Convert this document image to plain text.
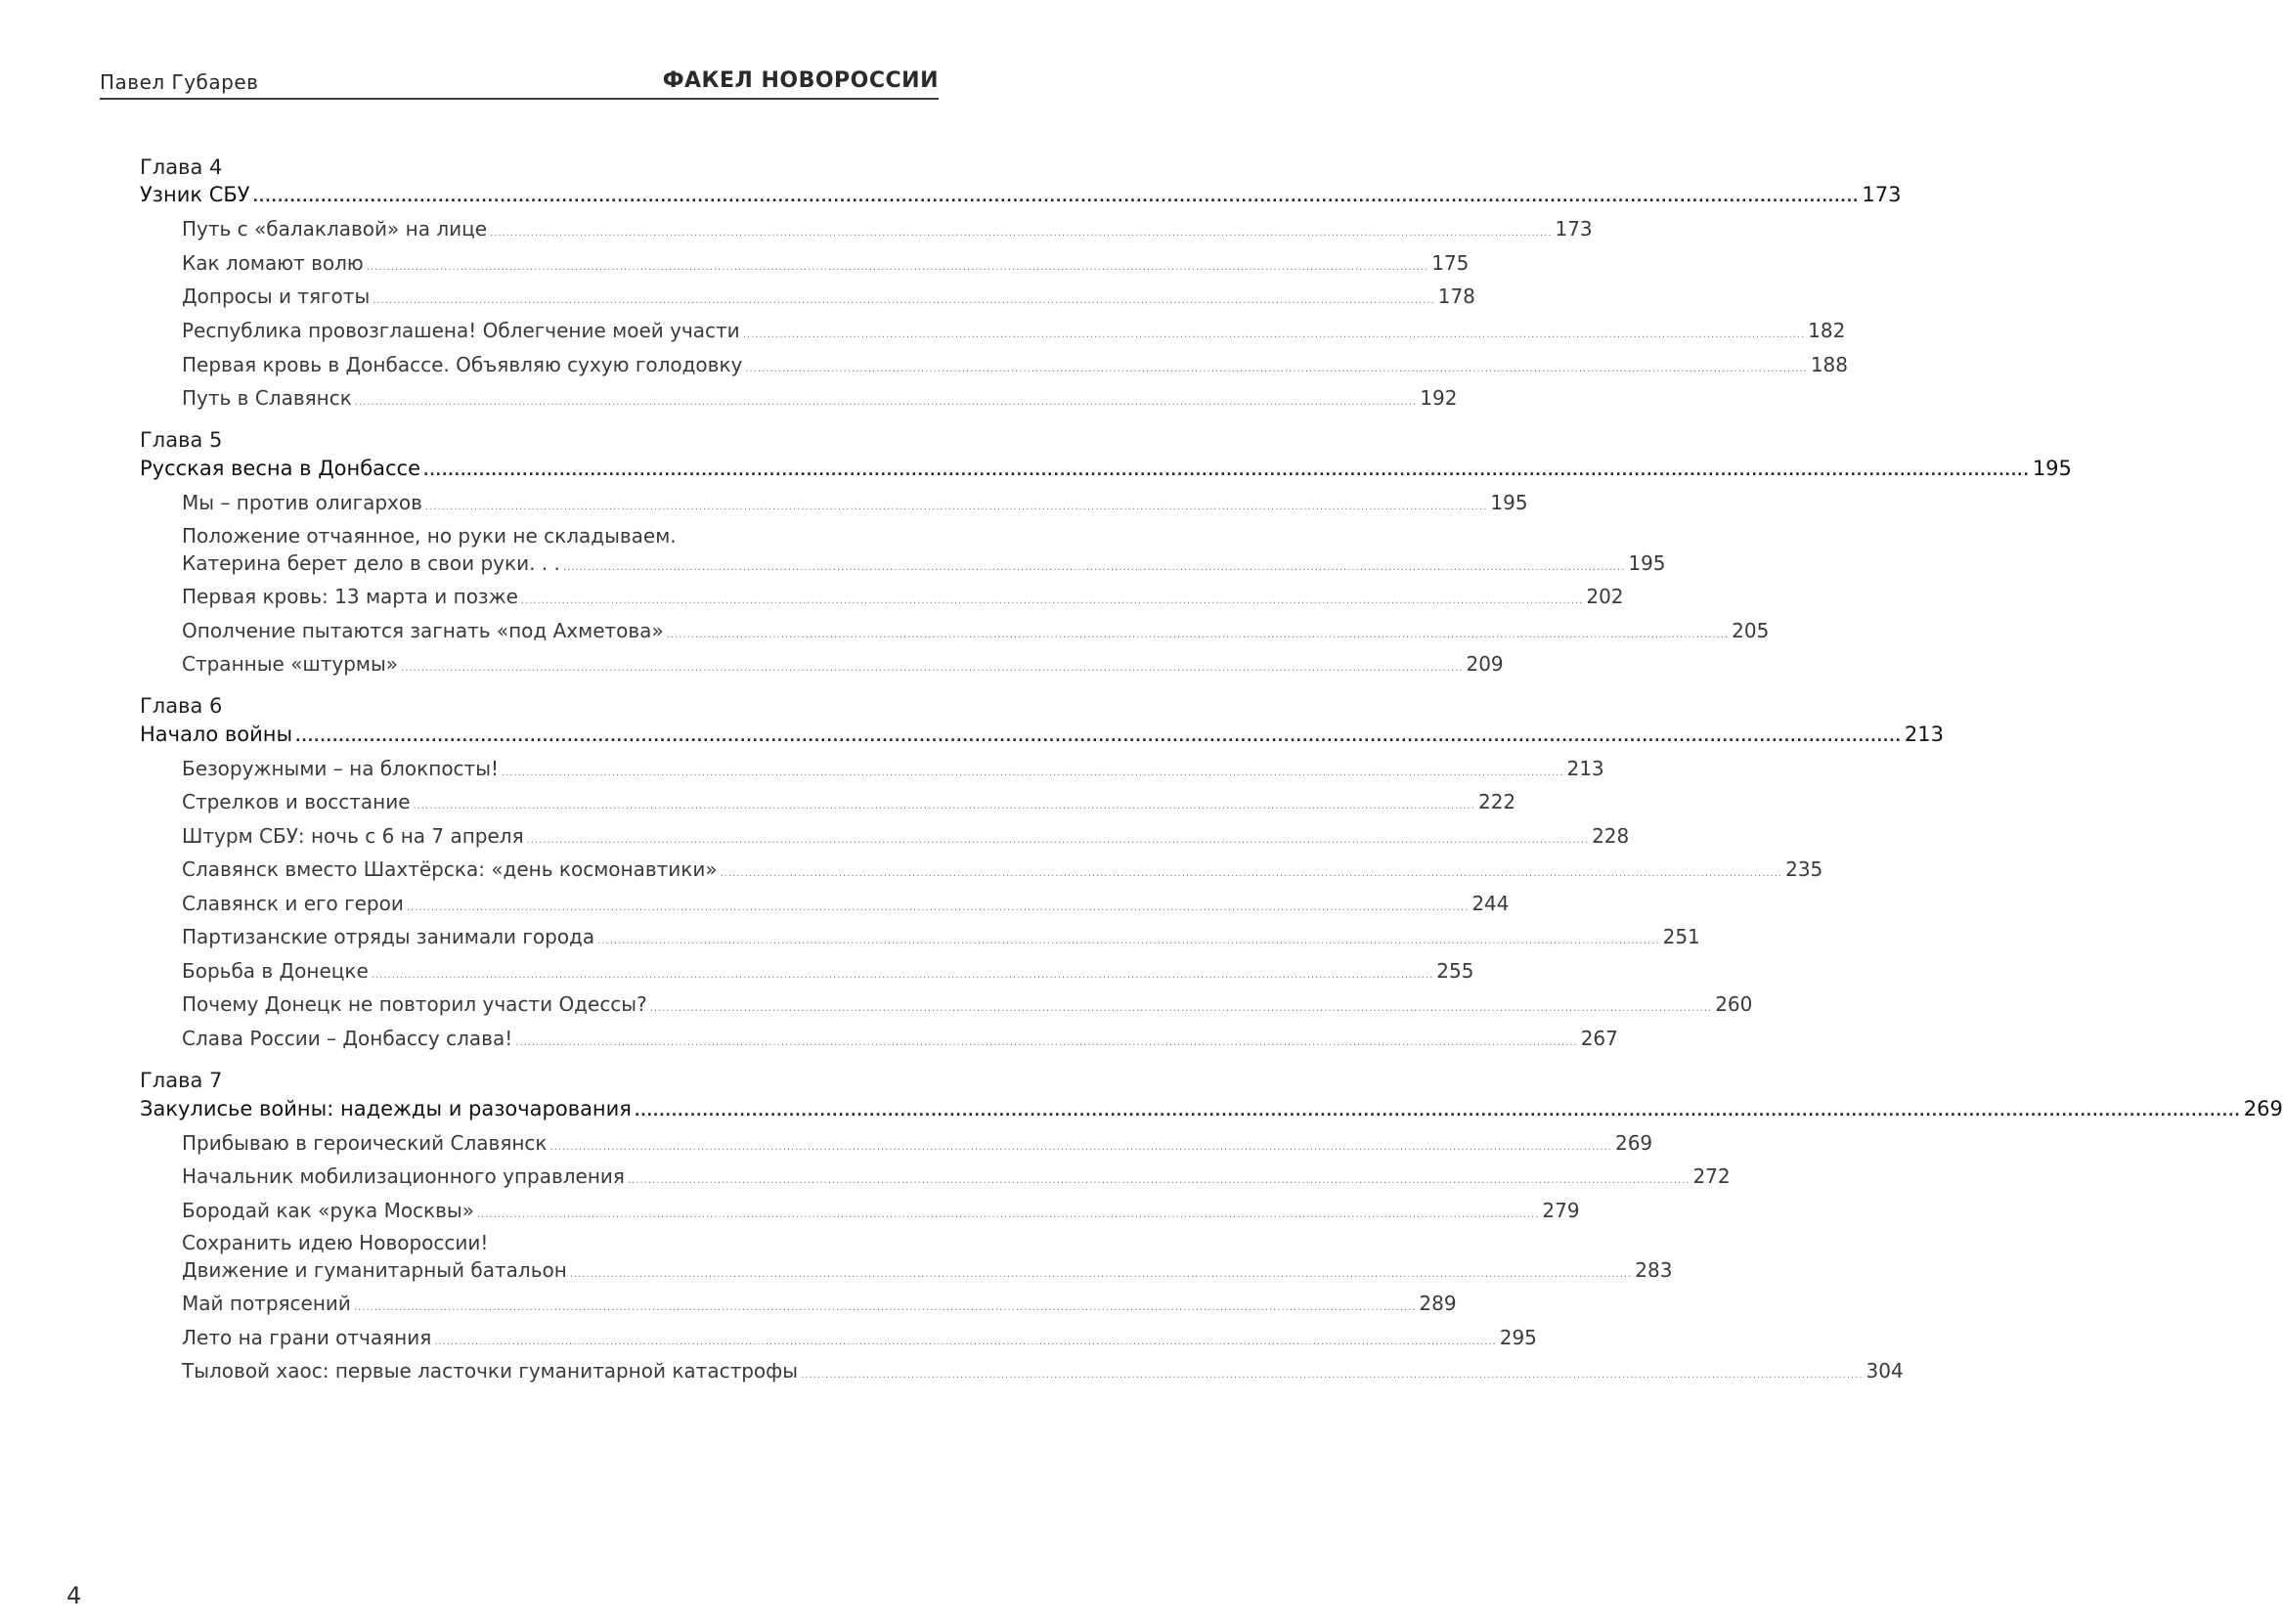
Павел Губарев	ФАКЕЛ НОВОРОССИИ
Глава 4
Узник СБУ .................................................................................................................................................................................................................................................................... 173
Путь с «балаклавой» на лице .................................................................................................................................................................................................................................................................... 173
Как ломают волю .................................................................................................................................................................................................................................................................... 175
Допросы и тяготы .................................................................................................................................................................................................................................................................... 178
Республика провозглашена! Облегчение моей участи .................................................................................................................................................................................................................................................................... 182
Первая кровь в Донбассе. Объявляю сухую голодовку .................................................................................................................................................................................................................................................................... 188
Путь в Славянск .................................................................................................................................................................................................................................................................... 192
Глава 5
Русская весна в Донбассе .................................................................................................................................................................................................................................................................... 195
Мы – против олигархов .................................................................................................................................................................................................................................................................... 195
Положение отчаянное, но руки не складываем.
Катерина берет дело в свои руки. . . .................................................................................................................................................................................................................................................................... 195
Первая кровь: 13 марта и позже .................................................................................................................................................................................................................................................................... 202
Ополчение пытаются загнать «под Ахметова» .................................................................................................................................................................................................................................................................... 205
Странные «штурмы» .................................................................................................................................................................................................................................................................... 209
Глава 6
Начало войны .................................................................................................................................................................................................................................................................... 213
Безоружными – на блокпосты! .................................................................................................................................................................................................................................................................... 213
Стрелков и восстание .................................................................................................................................................................................................................................................................... 222
Штурм СБУ: ночь с 6 на 7 апреля .................................................................................................................................................................................................................................................................... 228
Славянск вместо Шахтёрска: «день космонавтики» .................................................................................................................................................................................................................................................................... 235
Славянск и его герои .................................................................................................................................................................................................................................................................... 244
Партизанские отряды занимали города .................................................................................................................................................................................................................................................................... 251
Борьба в Донецке .................................................................................................................................................................................................................................................................... 255
Почему Донецк не повторил участи Одессы? .................................................................................................................................................................................................................................................................... 260
Слава России – Донбассу слава! .................................................................................................................................................................................................................................................................... 267
Глава 7
Закулисье войны: надежды и разочарования .................................................................................................................................................................................................................................................................... 269
Прибываю в героический Славянск .................................................................................................................................................................................................................................................................... 269
Начальник мобилизационного управления .................................................................................................................................................................................................................................................................... 272
Бородай как «рука Москвы» .................................................................................................................................................................................................................................................................... 279
Сохранить идею Новороссии!
Движение и гуманитарный батальон .................................................................................................................................................................................................................................................................... 283
Май потрясений .................................................................................................................................................................................................................................................................... 289
Лето на грани отчаяния .................................................................................................................................................................................................................................................................... 295
Тыловой хаос: первые ласточки гуманитарной катастрофы .................................................................................................................................................................................................................................................................... 304
4
